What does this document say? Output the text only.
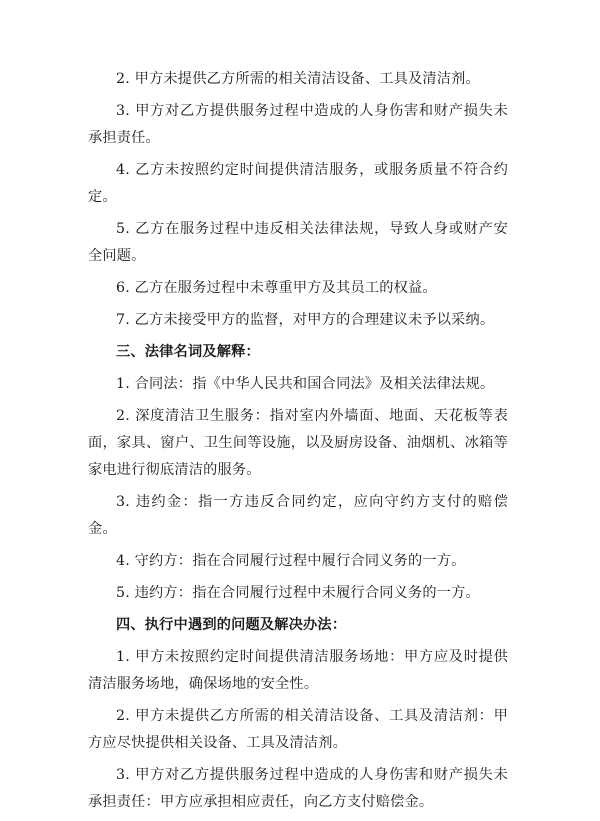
2. 甲方未提供乙方所需的相关清洁设备、工具及清洁剂。

3. 甲方对乙方提供服务过程中造成的人身伤害和财产损失未承担责任。

4. 乙方未按照约定时间提供清洁服务，或服务质量不符合约定。

5. 乙方在服务过程中违反相关法律法规，导致人身或财产安全问题。

6. 乙方在服务过程中未尊重甲方及其员工的权益。

7. 乙方未接受甲方的监督，对甲方的合理建议未予以采纳。

三、法律名词及解释：

1. 合同法：指《中华人民共和国合同法》及相关法律法规。

2. 深度清洁卫生服务：指对室内外墙面、地面、天花板等表面，家具、窗户、卫生间等设施，以及厨房设备、油烟机、冰箱等家电进行彻底清洁的服务。

3. 违约金：指一方违反合同约定，应向守约方支付的赔偿金。

4. 守约方：指在合同履行过程中履行合同义务的一方。

5. 违约方：指在合同履行过程中未履行合同义务的一方。

四、执行中遇到的问题及解决办法：

1. 甲方未按照约定时间提供清洁服务场地：甲方应及时提供清洁服务场地，确保场地的安全性。

2. 甲方未提供乙方所需的相关清洁设备、工具及清洁剂：甲方应尽快提供相关设备、工具及清洁剂。

3. 甲方对乙方提供服务过程中造成的人身伤害和财产损失未承担责任：甲方应承担相应责任，向乙方支付赔偿金。
